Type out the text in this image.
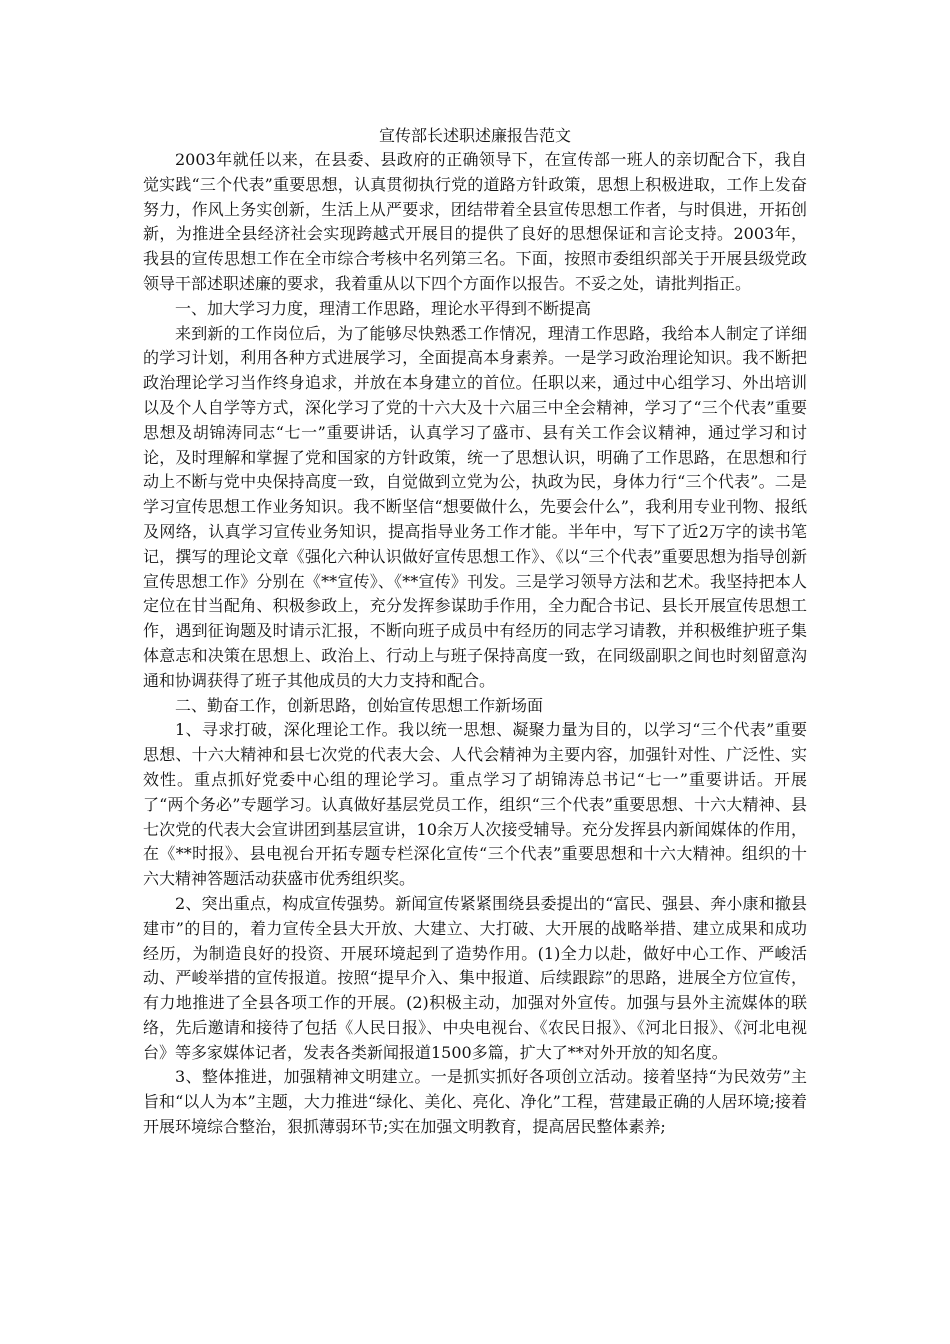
宣传部长述职述廉报告范文

2003年就任以来，在县委、县政府的正确领导下，在宣传部一班人的亲切配合下，我自觉实践“三个代表”重要思想，认真贯彻执行党的道路方针政策，思想上积极进取，工作上发奋努力，作风上务实创新，生活上从严要求，团结带着全县宣传思想工作者，与时俱进，开拓创新，为推进全县经济社会实现跨越式开展目的提供了良好的思想保证和言论支持。2003年，我县的宣传思想工作在全市综合考核中名列第三名。下面，按照市委组织部关于开展县级党政领导干部述职述廉的要求，我着重从以下四个方面作以报告。不妥之处，请批判指正。

一、加大学习力度，理清工作思路，理论水平得到不断提高

来到新的工作岗位后，为了能够尽快熟悉工作情况，理清工作思路，我给本人制定了详细的学习计划，利用各种方式进展学习，全面提高本身素养。一是学习政治理论知识。我不断把政治理论学习当作终身追求，并放在本身建立的首位。任职以来，通过中心组学习、外出培训以及个人自学等方式，深化学习了党的十六大及十六届三中全会精神，学习了“三个代表”重要思想及胡锦涛同志“七一”重要讲话，认真学习了盛市、县有关工作会议精神，通过学习和讨论，及时理解和掌握了党和国家的方针政策，统一了思想认识，明确了工作思路，在思想和行动上不断与党中央保持高度一致，自觉做到立党为公，执政为民，身体力行“三个代表”。二是学习宣传思想工作业务知识。我不断坚信“想要做什么，先要会什么”，我利用专业刊物、报纸及网络，认真学习宣传业务知识，提高指导业务工作才能。半年中，写下了近2万字的读书笔记，撰写的理论文章《强化六种认识做好宣传思想工作》、《以“三个代表”重要思想为指导创新宣传思想工作》分别在《**宣传》、《**宣传》刊发。三是学习领导方法和艺术。我坚持把本人定位在甘当配角、积极参政上，充分发挥参谋助手作用，全力配合书记、县长开展宣传思想工作，遇到征询题及时请示汇报，不断向班子成员中有经历的同志学习请教，并积极维护班子集体意志和决策在思想上、政治上、行动上与班子保持高度一致，在同级副职之间也时刻留意沟通和协调获得了班子其他成员的大力支持和配合。

二、勤奋工作，创新思路，创始宣传思想工作新场面

1、寻求打破，深化理论工作。我以统一思想、凝聚力量为目的，以学习“三个代表”重要思想、十六大精神和县七次党的代表大会、人代会精神为主要内容，加强针对性、广泛性、实效性。重点抓好党委中心组的理论学习。重点学习了胡锦涛总书记“七一”重要讲话。开展了“两个务必”专题学习。认真做好基层党员工作，组织“三个代表”重要思想、十六大精神、县七次党的代表大会宣讲团到基层宣讲，10余万人次接受辅导。充分发挥县内新闻媒体的作用，在《**时报》、县电视台开拓专题专栏深化宣传“三个代表”重要思想和十六大精神。组织的十六大精神答题活动获盛市优秀组织奖。

2、突出重点，构成宣传强势。新闻宣传紧紧围绕县委提出的“富民、强县、奔小康和撤县建市”的目的，着力宣传全县大开放、大建立、大打破、大开展的战略举措、建立成果和成功经历，为制造良好的投资、开展环境起到了造势作用。(1)全力以赴，做好中心工作、严峻活动、严峻举措的宣传报道。按照“提早介入、集中报道、后续跟踪”的思路，进展全方位宣传，有力地推进了全县各项工作的开展。(2)积极主动，加强对外宣传。加强与县外主流媒体的联络，先后邀请和接待了包括《人民日报》、中央电视台、《农民日报》、《河北日报》、《河北电视台》等多家媒体记者，发表各类新闻报道1500多篇，扩大了**对外开放的知名度。

3、整体推进，加强精神文明建立。一是抓实抓好各项创立活动。接着坚持“为民效劳”主旨和“以人为本”主题，大力推进“绿化、美化、亮化、净化”工程，营建最正确的人居环境;接着开展环境综合整治，狠抓薄弱环节;实在加强文明教育，提高居民整体素养;
